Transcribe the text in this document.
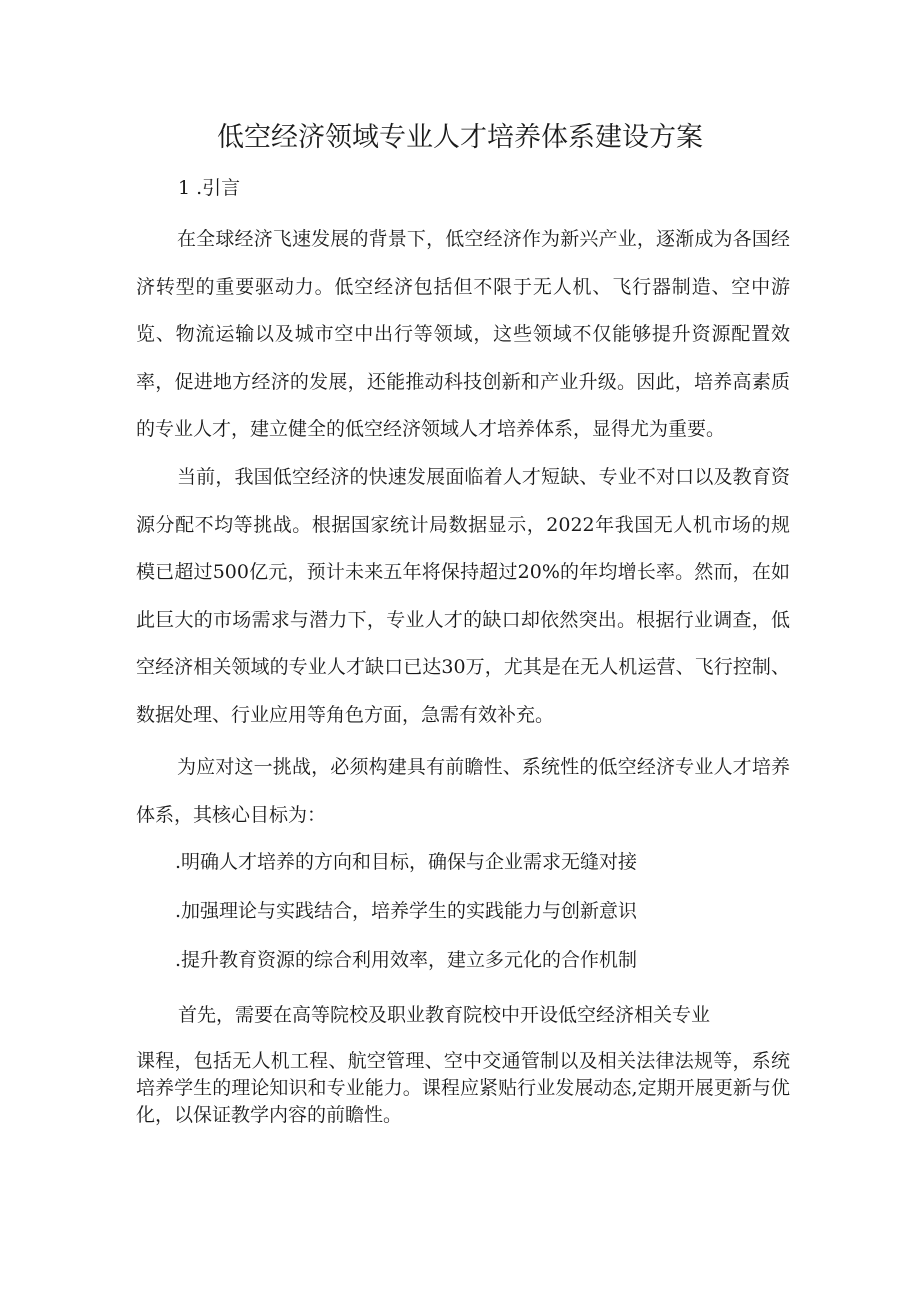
低空经济领域专业人才培养体系建设方案

1 .引言

在全球经济飞速发展的背景下，低空经济作为新兴产业，逐渐成为各国经济转型的重要驱动力。低空经济包括但不限于无人机、飞行器制造、空中游览、物流运输以及城市空中出行等领域，这些领域不仅能够提升资源配置效率，促进地方经济的发展，还能推动科技创新和产业升级。因此，培养高素质的专业人才，建立健全的低空经济领域人才培养体系，显得尤为重要。

当前，我国低空经济的快速发展面临着人才短缺、专业不对口以及教育资源分配不均等挑战。根据国家统计局数据显示，2022年我国无人机市场的规模已超过500亿元，预计未来五年将保持超过20%的年均增长率。然而，在如此巨大的市场需求与潜力下，专业人才的缺口却依然突出。根据行业调查，低空经济相关领域的专业人才缺口已达30万，尤其是在无人机运营、飞行控制、数据处理、行业应用等角色方面，急需有效补充。

为应对这一挑战，必须构建具有前瞻性、系统性的低空经济专业人才培养体系，其核心目标为：

.明确人才培养的方向和目标，确保与企业需求无缝对接

.加强理论与实践结合，培养学生的实践能力与创新意识

.提升教育资源的综合利用效率，建立多元化的合作机制

首先，需要在高等院校及职业教育院校中开设低空经济相关专业

课程，包括无人机工程、航空管理、空中交通管制以及相关法律法规等，系统培养学生的理论知识和专业能力。课程应紧贴行业发展动态,定期开展更新与优化，以保证教学内容的前瞻性。
